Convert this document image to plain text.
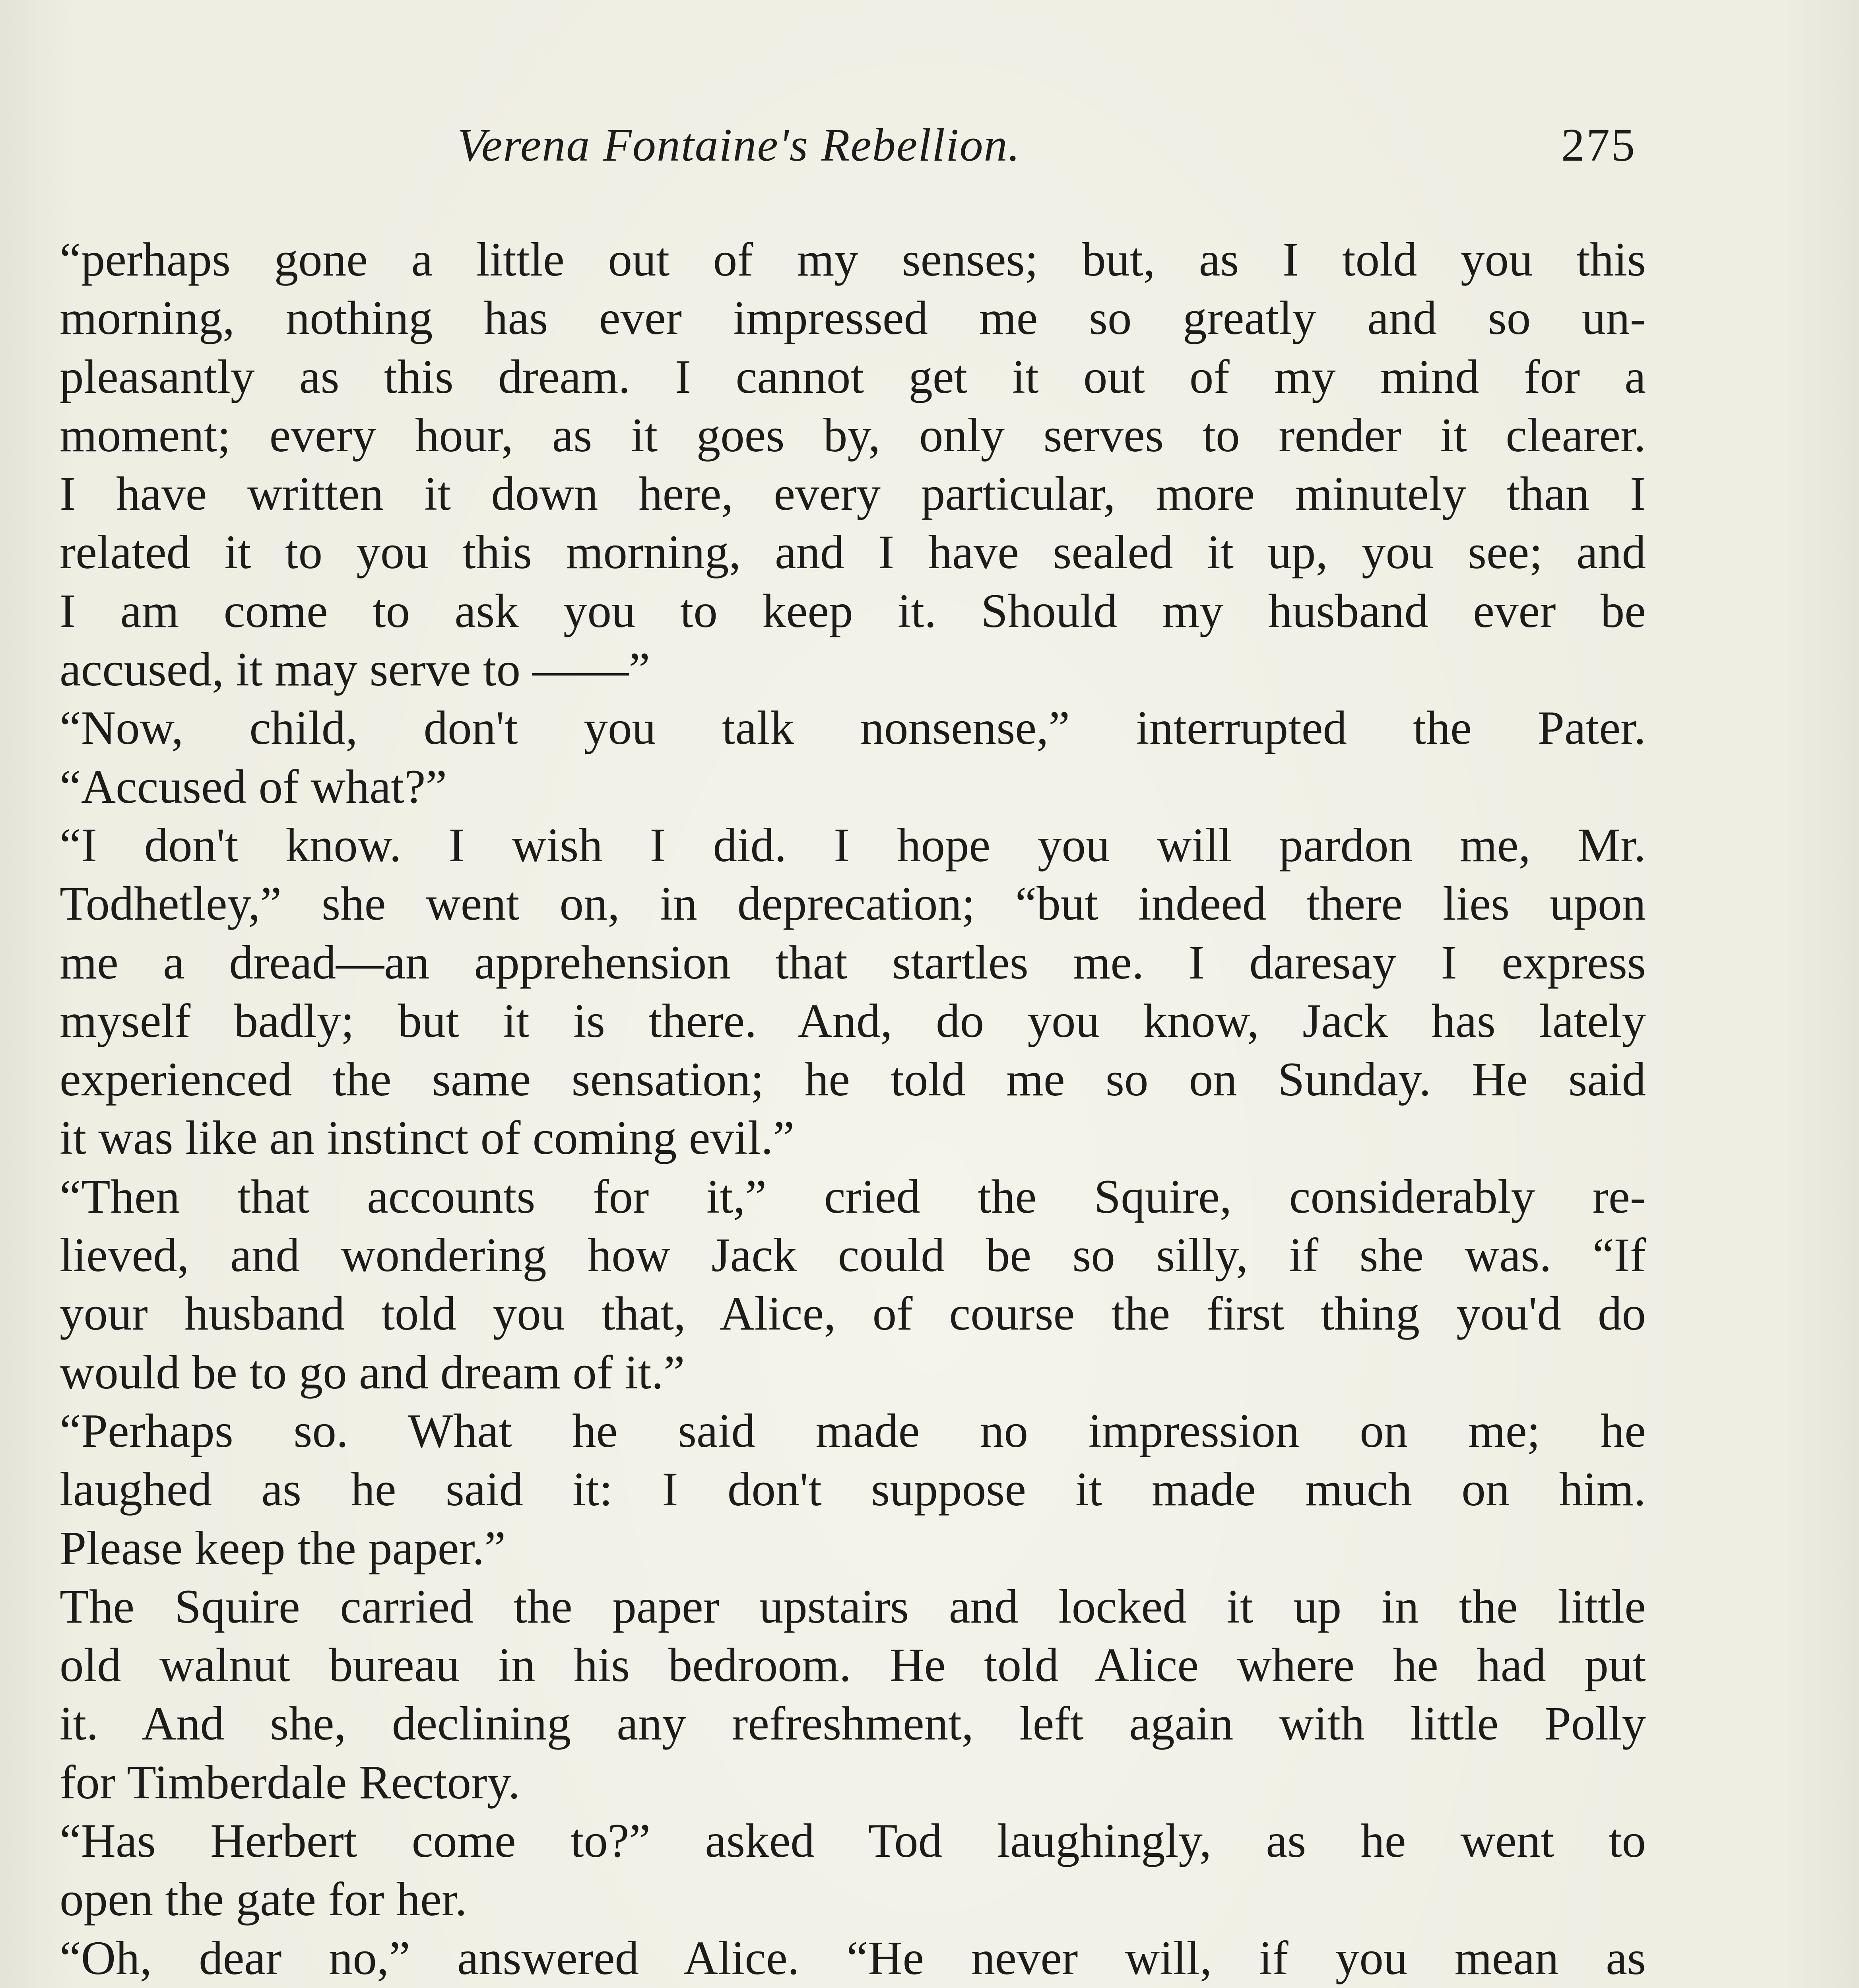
Verena Fontaine's Rebellion.	275
“perhaps gone a little out of my senses; but, as I told you this
morning, nothing has ever impressed me so greatly and so un-
pleasantly as this dream. I cannot get it out of my mind for a
moment; every hour, as it goes by, only serves to render it clearer.
I have written it down here, every particular, more minutely than I
related it to you this morning, and I have sealed it up, you see; and
I am come to ask you to keep it. Should my husband ever be
accused, it may serve to ——”
“Now, child, don't you talk nonsense,” interrupted the Pater.
“Accused of what?”
“I don't know. I wish I did. I hope you will pardon me, Mr.
Todhetley,” she went on, in deprecation; “but indeed there lies upon
me a dread—an apprehension that startles me. I daresay I express
myself badly; but it is there. And, do you know, Jack has lately
experienced the same sensation; he told me so on Sunday. He said
it was like an instinct of coming evil.”
“Then that accounts for it,” cried the Squire, considerably re-
lieved, and wondering how Jack could be so silly, if she was. “If
your husband told you that, Alice, of course the first thing you'd do
would be to go and dream of it.”
“Perhaps so. What he said made no impression on me; he
laughed as he said it: I don't suppose it made much on him.
Please keep the paper.”
The Squire carried the paper upstairs and locked it up in the little
old walnut bureau in his bedroom. He told Alice where he had put
it. And she, declining any refreshment, left again with little Polly
for Timberdale Rectory.
“Has Herbert come to?” asked Tod laughingly, as he went to
open the gate for her.
“Oh, dear no,” answered Alice. “He never will, if you mean as
